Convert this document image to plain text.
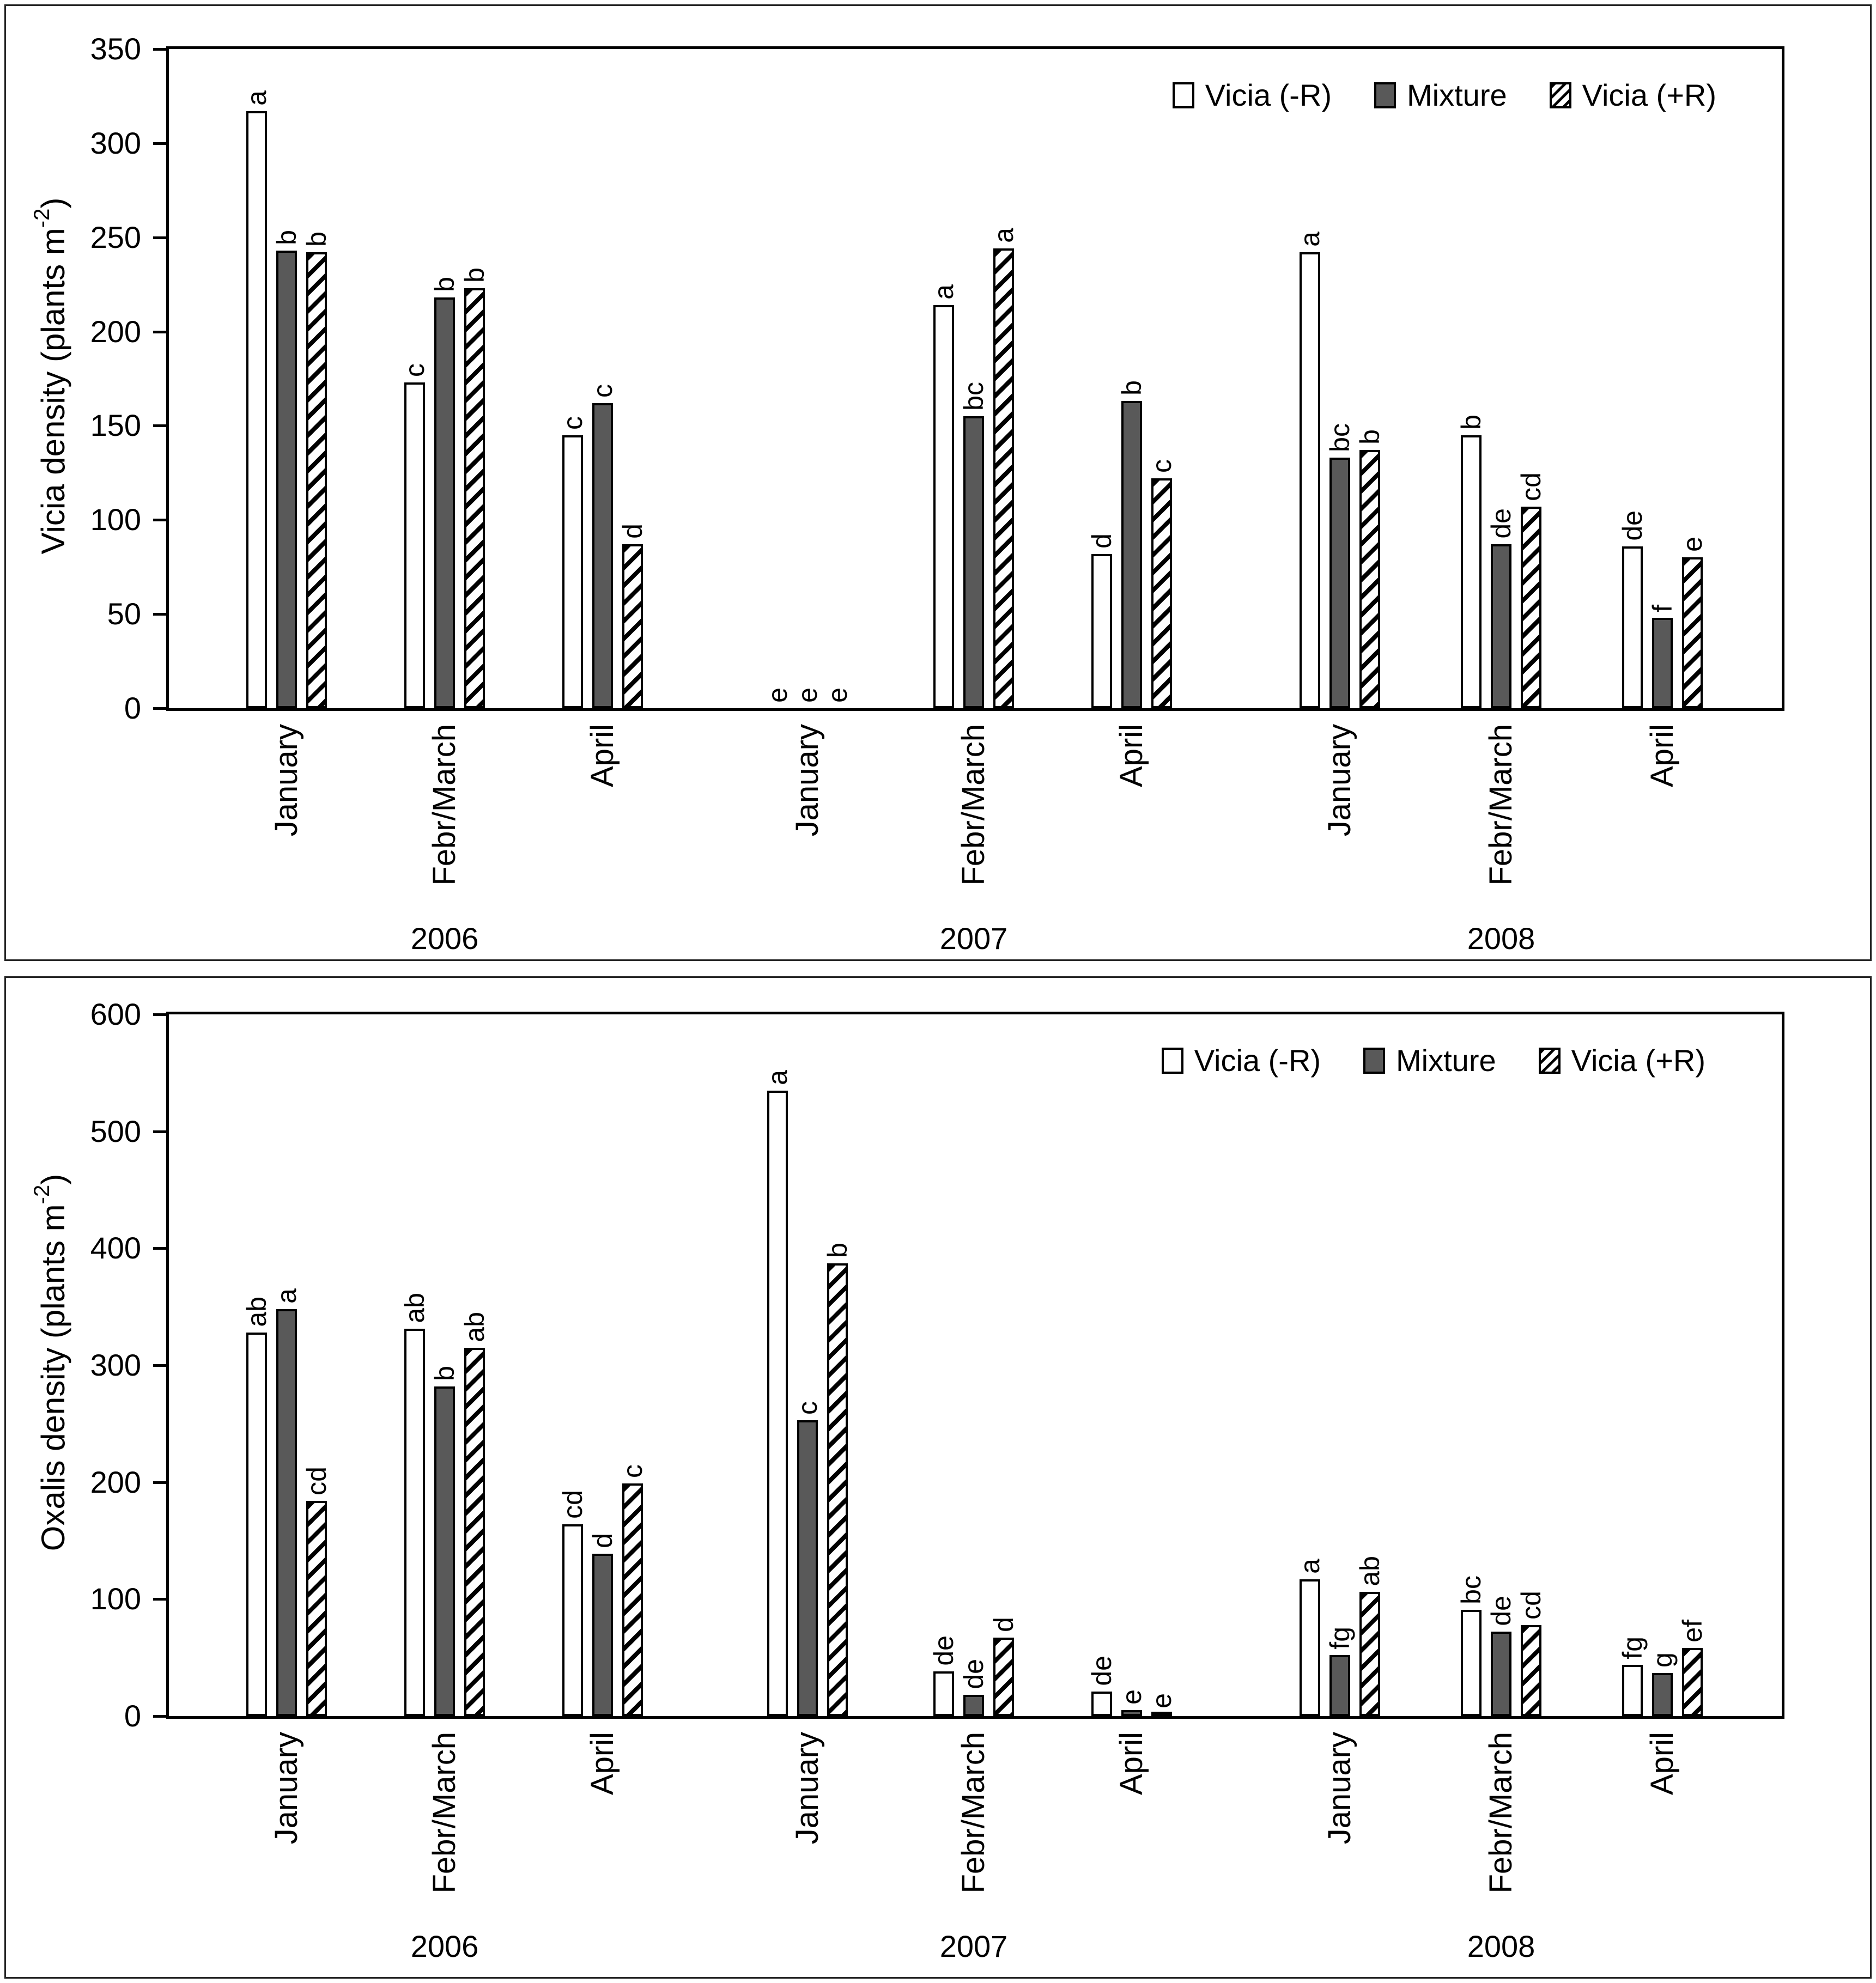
Vicia (-R) Mixture Vicia (+R)
a
b b
c
b
b
c
c
d
e e e
a
bc
a
d
b
c
a
bc b
b
de
cd
de
f
e
0
50
100
150
200
250
300
350
Vicia density (plants $m^{-2}$)
January	Febr/March
2006
April	January	Febr/March
2007
April	January	Febr/March
2008
April
Vicia (-R) Mixture Vicia (+R)
ab
a
cd
ab
b
ab
cd
d
c
a
c
b
de
de
d
de
e e
a
fg
ab
bc
de cd
fg
g
ef
0
100
200
300
400
500
600
Oxalis density (plants $m^{-2}$)
January	Febr/March
2006
April	January	Febr/March
2007
April	January	Febr/March
2008
April
